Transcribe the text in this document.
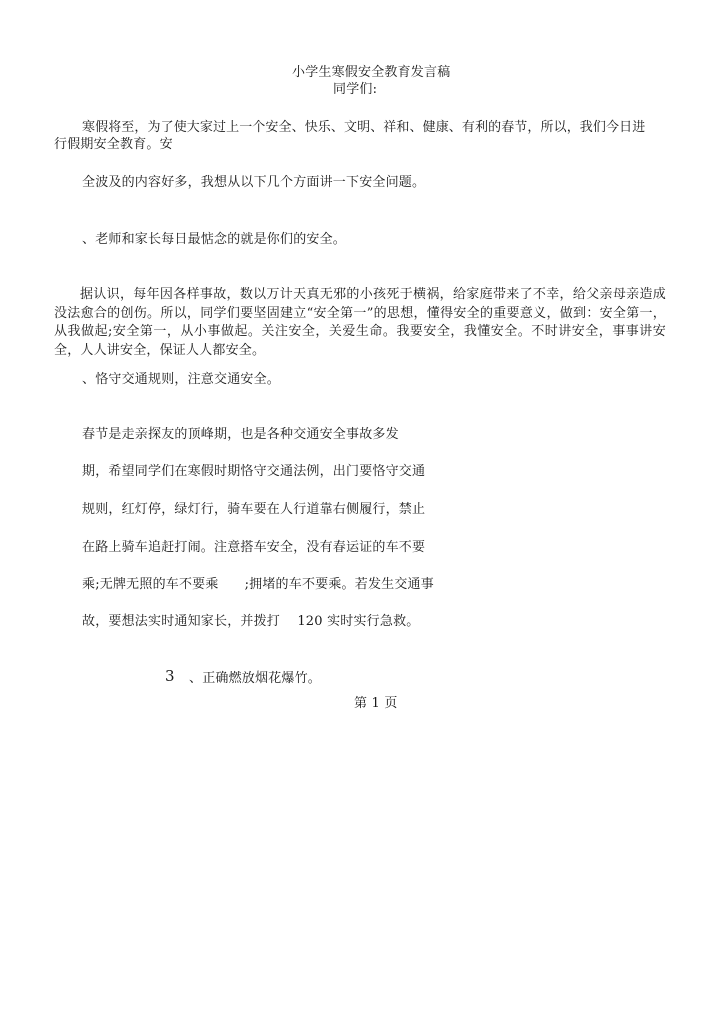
小学生寒假安全教育发言稿
同学们:
寒假将至，为了使大家过上一个安全、快乐、文明、祥和、健康、有利的春节，所以，我们今日进
行假期安全教育。安
全波及的内容好多，我想从以下几个方面讲一下安全问题。
、老师和家长每日最惦念的就是你们的安全。
据认识，每年因各样事故，数以万计天真无邪的小孩死于横祸，给家庭带来了不幸，给父亲母亲造成没法愈合的创伤。所以，同学们要坚固建立“安全第一”的思想，懂得安全的重要意义，做到：安全第一，从我做起;安全第一，从小事做起。关注安全，关爱生命。我要安全，我懂安全。不时讲安全，事事讲安全，人人讲安全，保证人人都安全。
、恪守交通规则，注意交通安全。
春节是走亲探友的顶峰期，也是各种交通安全事故多发
期，希望同学们在寒假时期恪守交通法例，出门要恪守交通
规则，红灯停，绿灯行，骑车要在人行道靠右侧履行，禁止
在路上骑车追赶打闹。注意搭车安全，没有春运证的车不要
乘;无牌无照的车不要乘      ;拥堵的车不要乘。若发生交通事
故，要想法实时通知家长，并拨打    120 实时实行急救。
3 、正确燃放烟花爆竹。
第 1 页
